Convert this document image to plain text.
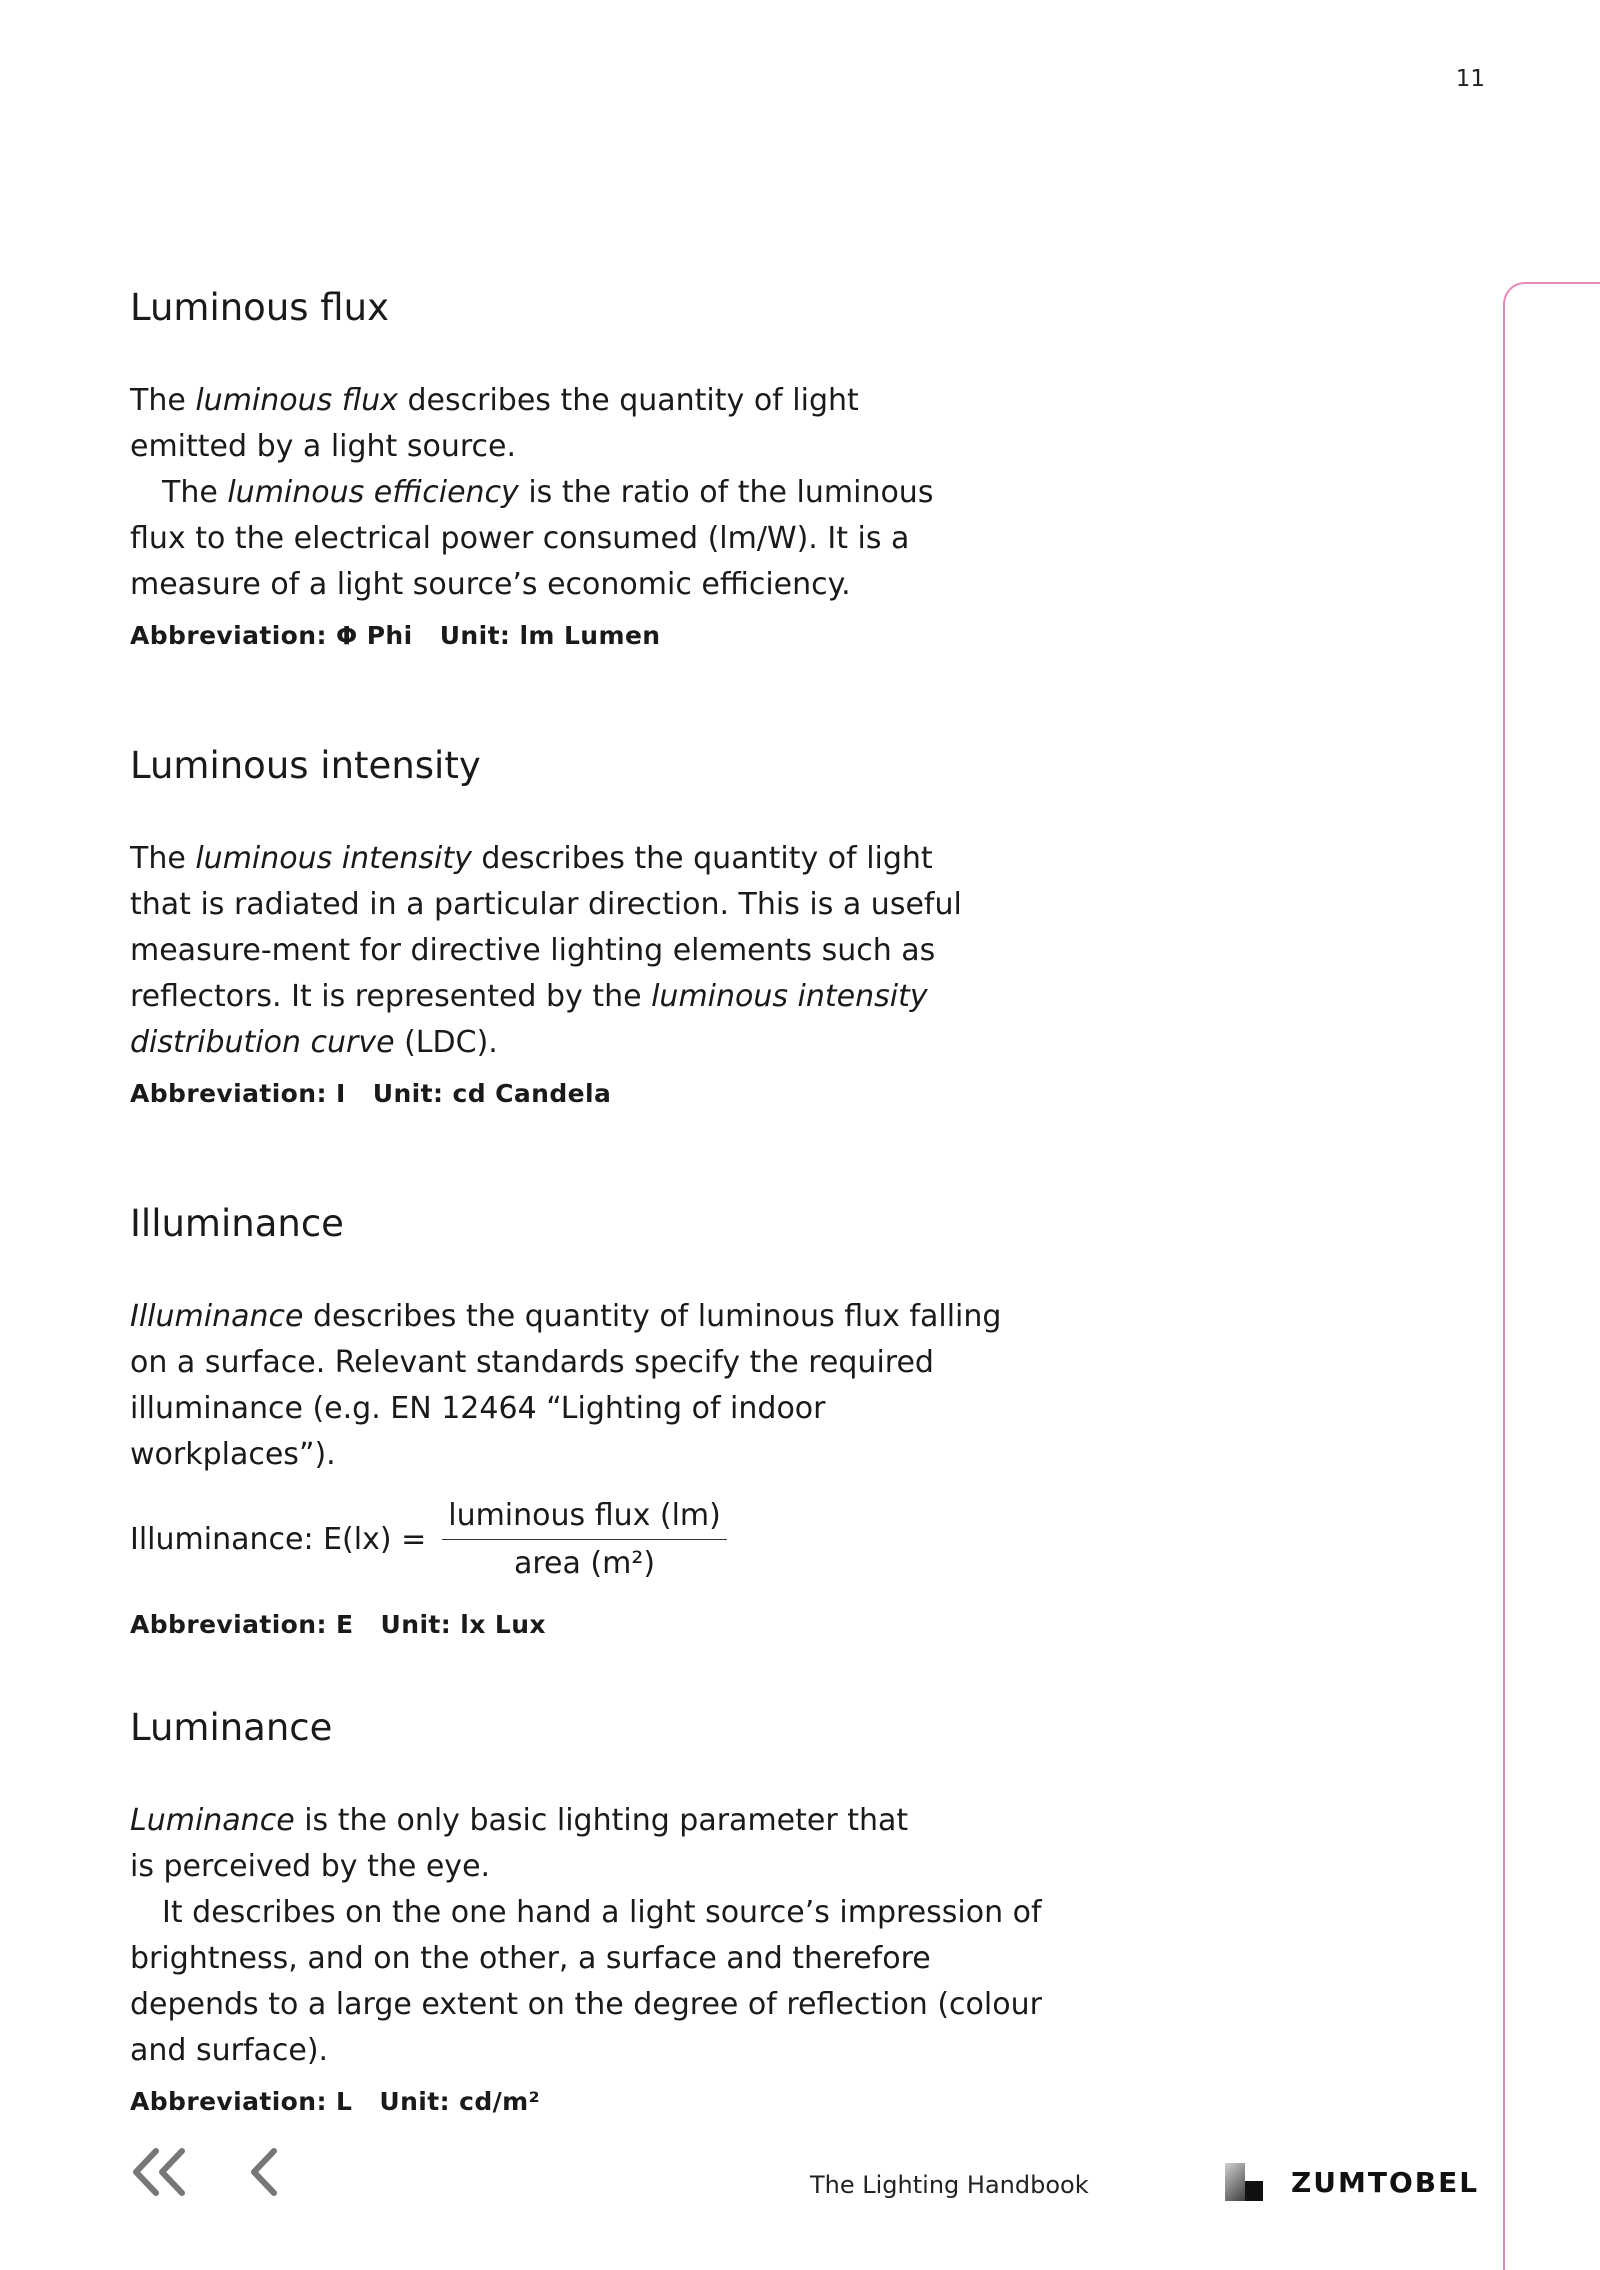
11
Luminous flux

The luminous flux describes the quantity of light emitted by a light source.

The luminous efficiency is the ratio of the luminous flux to the electrical power consumed (lm/W). It is a measure of a light source’s economic efficiency.

Abbreviation: Φ Phi Unit: lm Lumen

Luminous intensity

The luminous intensity describes the quantity of light that is radiated in a particular direction. This is a useful measure-ment for directive lighting elements such as reflectors. It is represented by the luminous intensity distribution curve (LDC).

Abbreviation: I Unit: cd Candela

Illuminance

Illuminance describes the quantity of luminous flux falling on a surface. Relevant standards specify the required illuminance (e.g. EN 12464 “Lighting of indoor workplaces”).

Illuminance: $E(lx) = \frac{\text{luminous flux (lm)}}{\text{area (m²)}}$

Abbreviation: E Unit: lx Lux

Luminance

Luminance is the only basic lighting parameter that is perceived by the eye.

It describes on the one hand a light source’s impression of brightness, and on the other, a surface and therefore depends to a large extent on the degree of reflection (colour and surface).

Abbreviation: L Unit: cd/m²

The Lighting Handbook	ZUMTOBEL
